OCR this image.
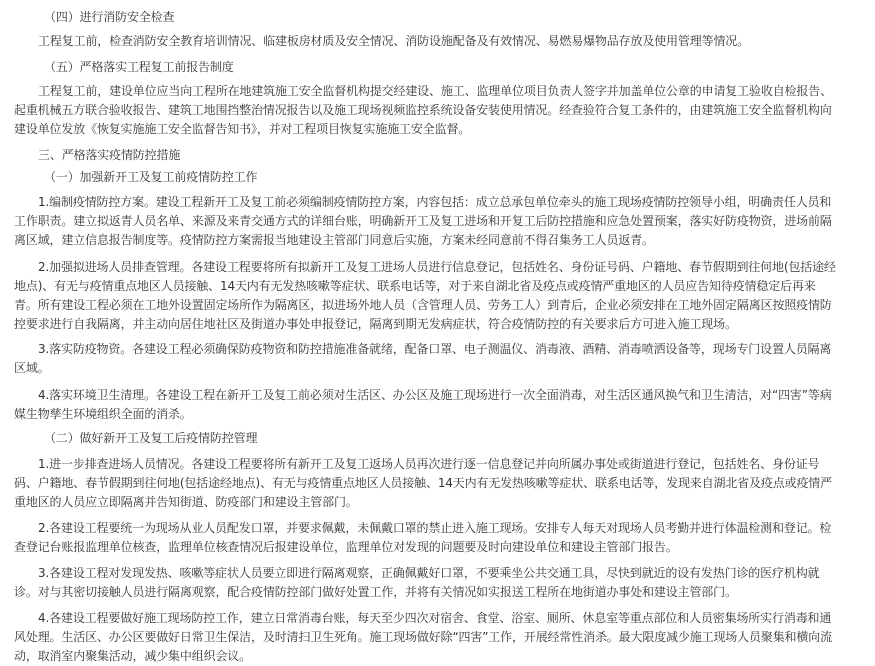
（四）进行消防安全检查

工程复工前，检查消防安全教育培训情况、临建板房材质及安全情况、消防设施配备及有效情况、易燃易爆物品存放及使用管理等情况。

（五）严格落实工程复工前报告制度

工程复工前，建设单位应当向工程所在地建筑施工安全监督机构提交经建设、施工、监理单位项目负责人签字并加盖单位公章的申请复工验收自检报告、

起重机械五方联合验收报告、建筑工地围挡整治情况报告以及施工现场视频监控系统设备安装使用情况。经查验符合复工条件的，由建筑施工安全监督机构向

建设单位发放《恢复实施施工安全监督告知书》，并对工程项目恢复实施施工安全监督。

三、严格落实疫情防控措施

（一）加强新开工及复工前疫情防控工作

1.编制疫情防控方案。建设工程新开工及复工前必须编制疫情防控方案，内容包括：成立总承包单位牵头的施工现场疫情防控领导小组，明确责任人员和

工作职责。建立拟返青人员名单、来源及来青交通方式的详细台账，明确新开工及复工进场和开复工后防控措施和应急处置预案，落实好防疫物资，进场前隔

离区域，建立信息报告制度等。疫情防控方案需报当地建设主管部门同意后实施，方案未经同意前不得召集务工人员返青。

2.加强拟进场人员排查管理。各建设工程要将所有拟新开工及复工进场人员进行信息登记，包括姓名、身份证号码、户籍地、春节假期到往何地(包括途经

地点)、有无与疫情重点地区人员接触、14天内有无发热咳嗽等症状、联系电话等，对于来自湖北省及疫点或疫情严重地区的人员应告知待疫情稳定后再来

青。所有建设工程必须在工地外设置固定场所作为隔离区，拟进场外地人员（含管理人员、劳务工人）到青后，企业必须安排在工地外固定隔离区按照疫情防

控要求进行自我隔离，并主动向居住地社区及街道办事处申报登记，隔离到期无发病症状，符合疫情防控的有关要求后方可进入施工现场。

3.落实防疫物资。各建设工程必须确保防疫物资和防控措施准备就绪，配备口罩、电子测温仪、消毒液、酒精、消毒喷洒设备等，现场专门设置人员隔离

区域。

4.落实环境卫生清理。各建设工程在新开工及复工前必须对生活区、办公区及施工现场进行一次全面消毒，对生活区通风换气和卫生清洁，对“四害”等病

媒生物孳生环境组织全面的消杀。

（二）做好新开工及复工后疫情防控管理

1.进一步排查进场人员情况。各建设工程要将所有新开工及复工返场人员再次进行逐一信息登记并向所属办事处或街道进行登记，包括姓名、身份证号

码、户籍地、春节假期到往何地(包括途经地点)、有无与疫情重点地区人员接触、14天内有无发热咳嗽等症状、联系电话等，发现来自湖北省及疫点或疫情严

重地区的人员应立即隔离并告知街道、防疫部门和建设主管部门。

2.各建设工程要统一为现场从业人员配发口罩，并要求佩戴，未佩戴口罩的禁止进入施工现场。安排专人每天对现场人员考勤并进行体温检测和登记。检

查登记台账报监理单位核查，监理单位核查情况后报建设单位，监理单位对发现的问题要及时向建设单位和建设主管部门报告。

3.各建设工程对发现发热、咳嗽等症状人员要立即进行隔离观察，正确佩戴好口罩，不要乘坐公共交通工具，尽快到就近的设有发热门诊的医疗机构就

诊。对与其密切接触人员进行隔离观察，配合疫情防控部门做好处置工作，并将有关情况如实报送工程所在地街道办事处和建设主管部门。

4.各建设工程要做好施工现场防控工作，建立日常消毒台账，每天至少四次对宿舍、食堂、浴室、厕所、休息室等重点部位和人员密集场所实行消毒和通

风处理。生活区、办公区要做好日常卫生保洁，及时清扫卫生死角。施工现场做好除“四害”工作，开展经常性消杀。最大限度减少施工现场人员聚集和横向流

动，取消室内聚集活动，减少集中组织会议。
